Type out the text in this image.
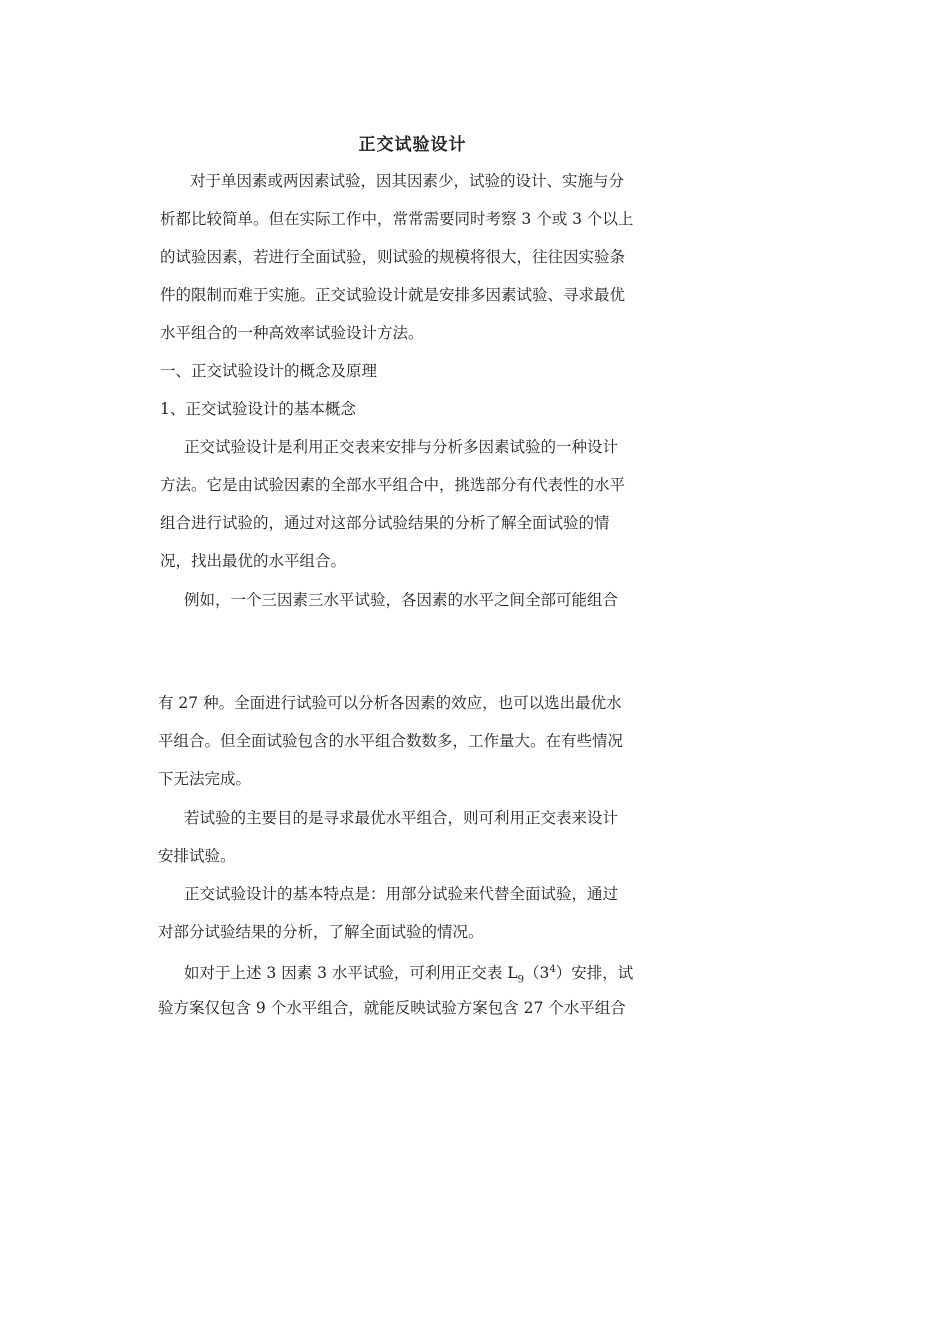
正交试验设计
对于单因素或两因素试验，因其因素少，试验的设计、实施与分
析都比较简单。但在实际工作中，常常需要同时考察 3 个或 3 个以上
的试验因素，若进行全面试验，则试验的规模将很大，往往因实验条
件的限制而难于实施。正交试验设计就是安排多因素试验、寻求最优
水平组合的一种高效率试验设计方法。
一、正交试验设计的概念及原理
1、正交试验设计的基本概念
正交试验设计是利用正交表来安排与分析多因素试验的一种设计
方法。它是由试验因素的全部水平组合中，挑选部分有代表性的水平
组合进行试验的，通过对这部分试验结果的分析了解全面试验的情
况，找出最优的水平组合。
例如，一个三因素三水平试验，各因素的水平之间全部可能组合
有 27 种。全面进行试验可以分析各因素的效应，也可以选出最优水
平组合。但全面试验包含的水平组合数数多，工作量大。在有些情况
下无法完成。
若试验的主要目的是寻求最优水平组合，则可利用正交表来设计
安排试验。
正交试验设计的基本特点是：用部分试验来代替全面试验，通过
对部分试验结果的分析，了解全面试验的情况。
如对于上述 3 因素 3 水平试验，可利用正交表 $L_9(3^4)$安排，试
验方案仅包含 9 个水平组合，就能反映试验方案包含 27 个水平组合
